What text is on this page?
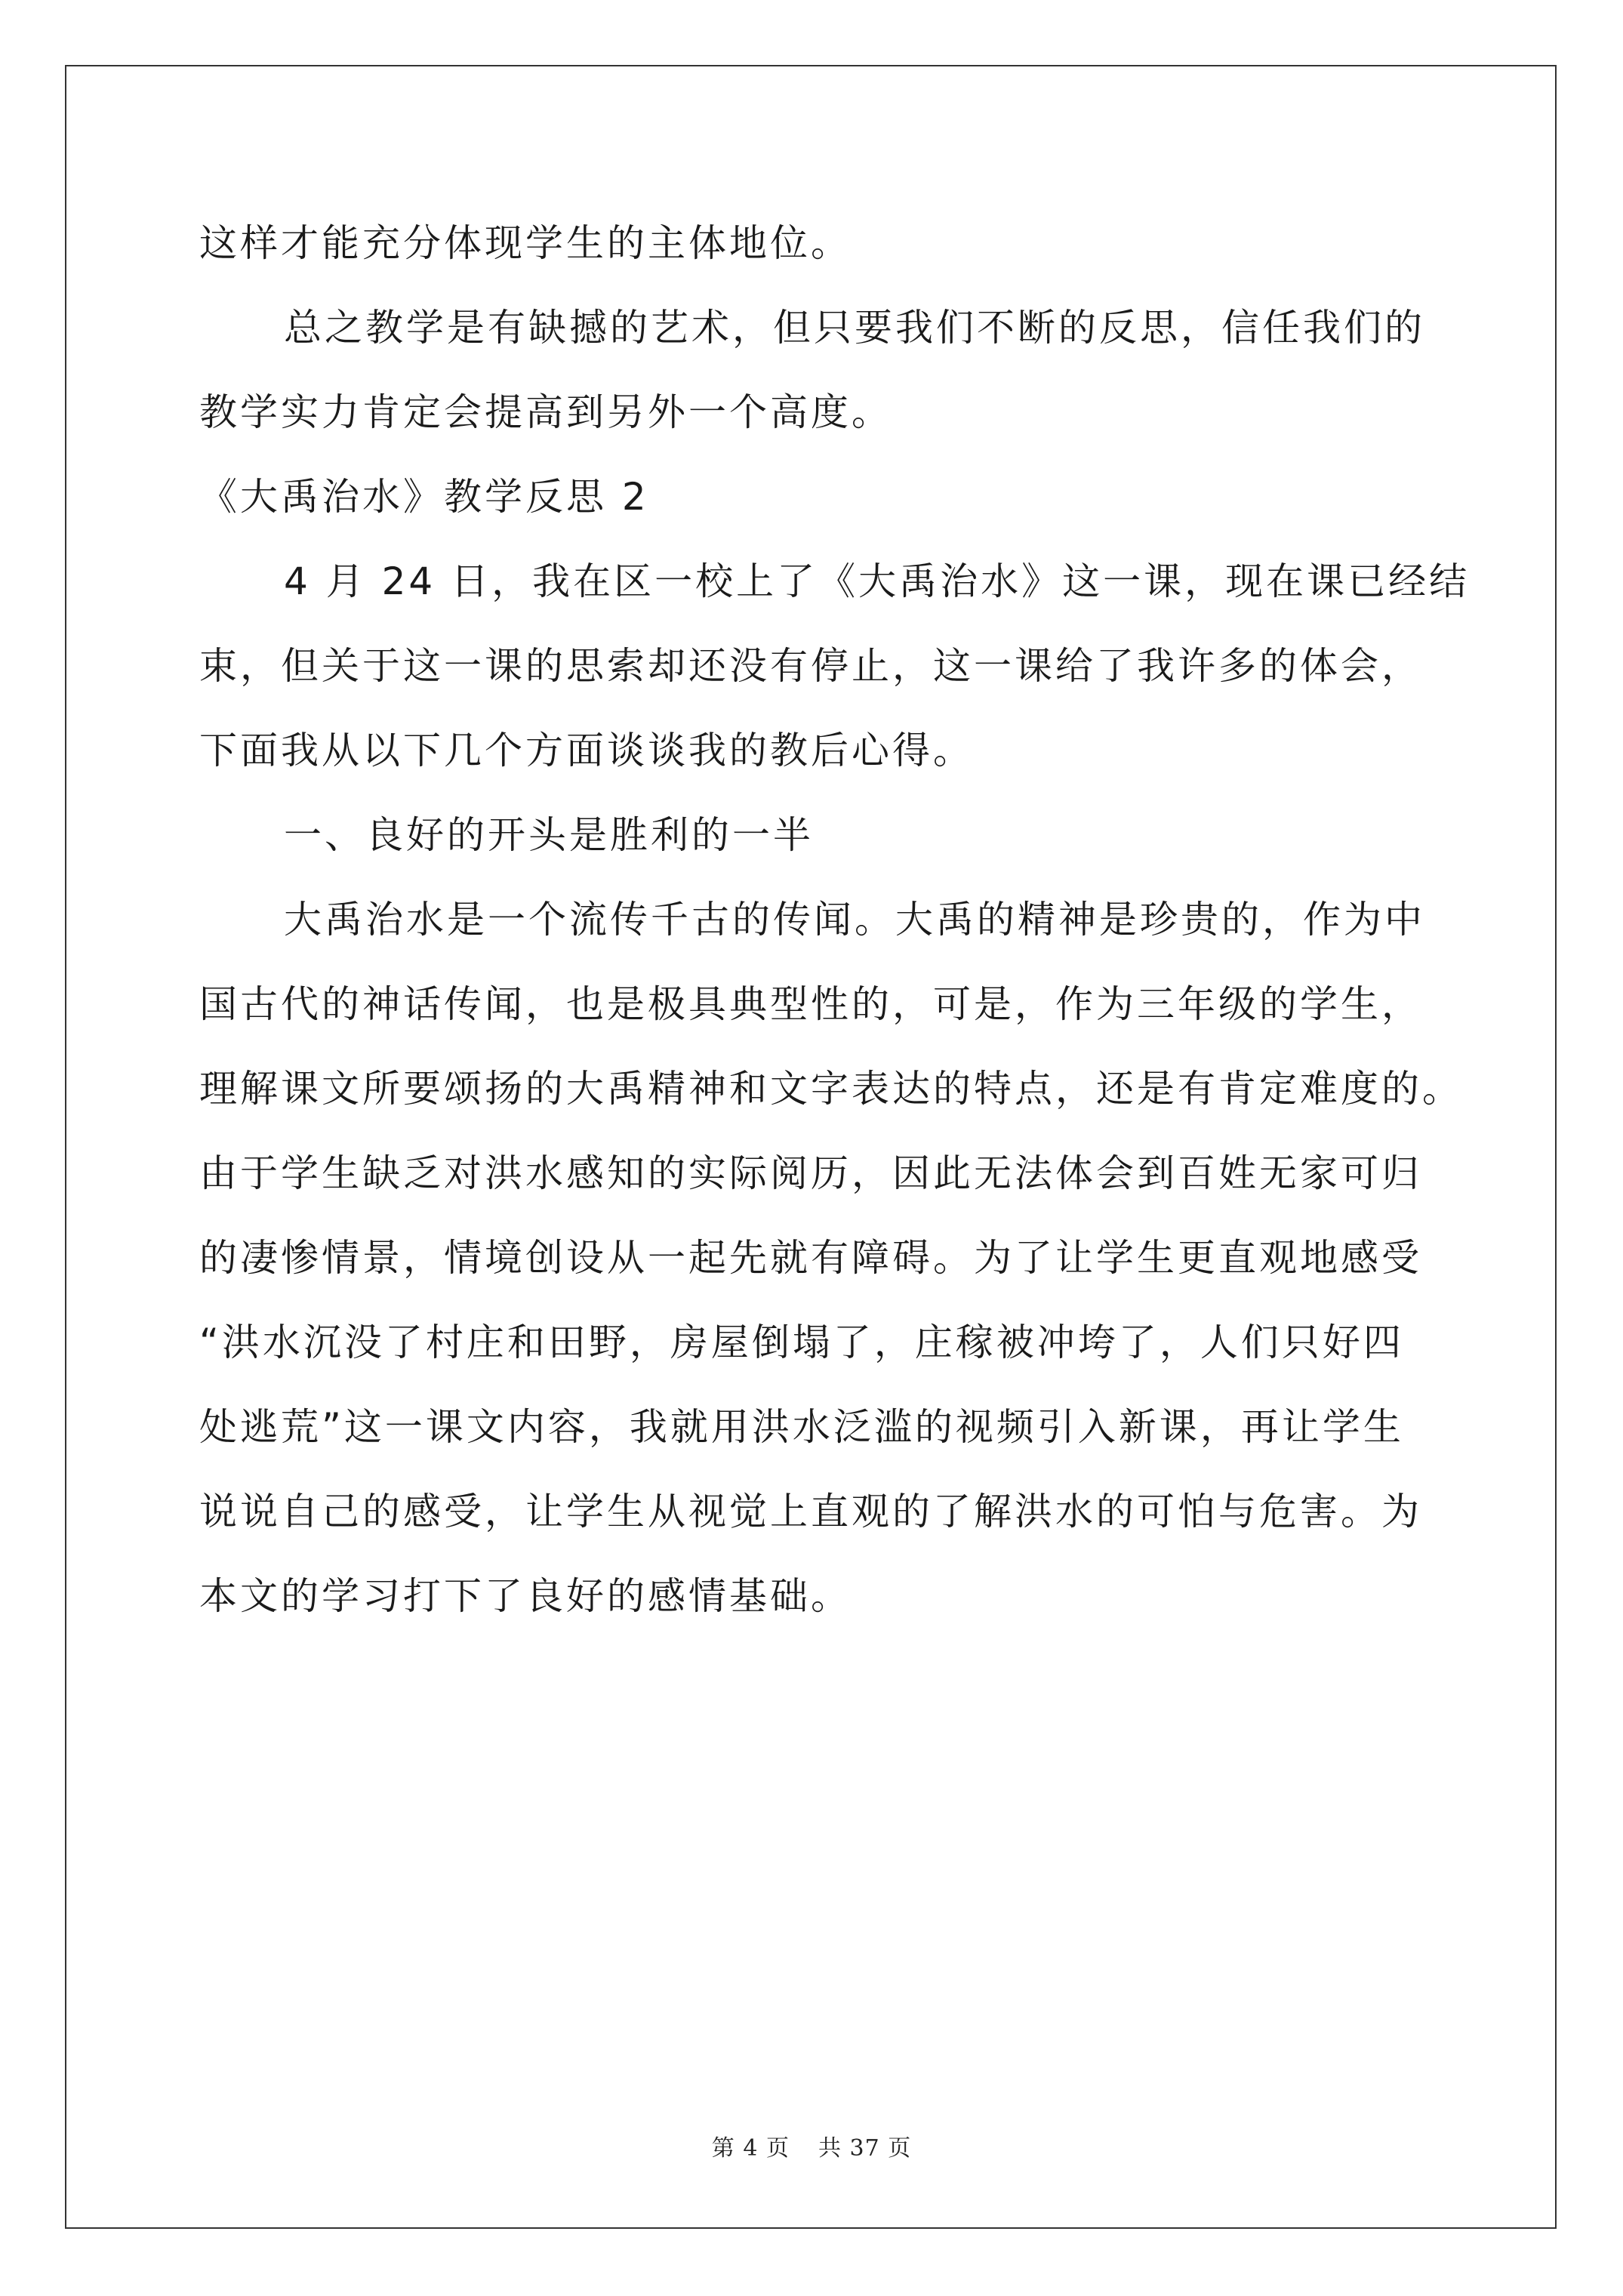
这样才能充分体现学生的主体地位。
总之教学是有缺撼的艺术，但只要我们不断的反思，信任我们的
教学实力肯定会提高到另外一个高度。
《大禹治水》教学反思 2
4 月 24 日，我在区一校上了《大禹治水》这一课，现在课已经结
束，但关于这一课的思索却还没有停止，这一课给了我许多的体会，
下面我从以下几个方面谈谈我的教后心得。
一、良好的开头是胜利的一半
大禹治水是一个流传千古的传闻。大禹的精神是珍贵的，作为中
国古代的神话传闻，也是极具典型性的，可是，作为三年级的学生，
理解课文所要颂扬的大禹精神和文字表达的特点，还是有肯定难度的。
由于学生缺乏对洪水感知的实际阅历，因此无法体会到百姓无家可归
的凄惨情景，情境创设从一起先就有障碍。为了让学生更直观地感受
“洪水沉没了村庄和田野，房屋倒塌了，庄稼被冲垮了，人们只好四
处逃荒”这一课文内容，我就用洪水泛滥的视频引入新课，再让学生
说说自己的感受，让学生从视觉上直观的了解洪水的可怕与危害。为
本文的学习打下了良好的感情基础。
第 4 页 共 37 页
